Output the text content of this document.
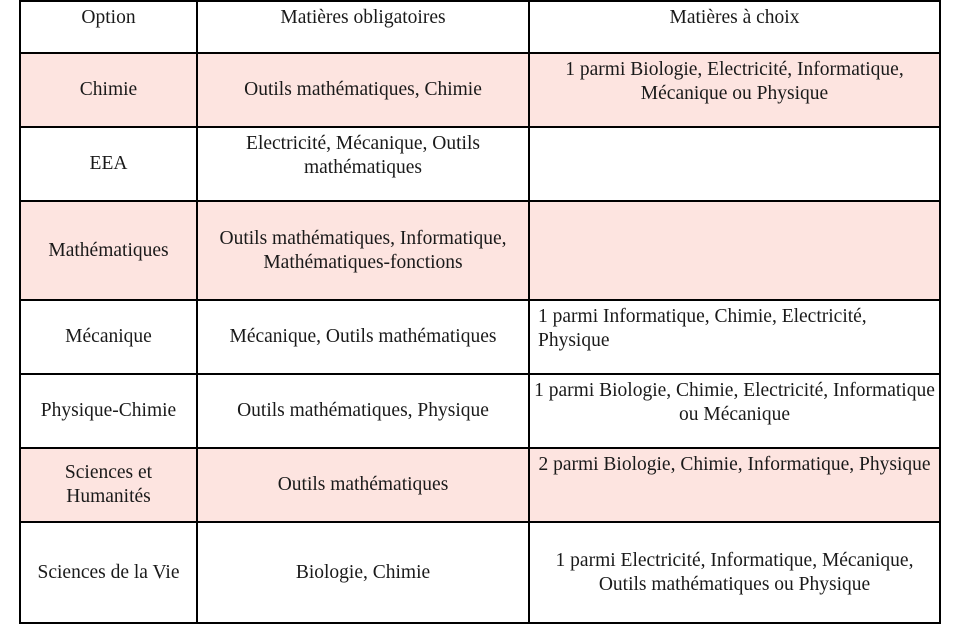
Option	Matières obligatoires	Matières à choix
Chimie	Outils mathématiques, Chimie	1 parmi Biologie, Electricité, Informatique, Mécanique ou Physique
EEA	Electricité, Mécanique, Outils mathématiques	
Mathématiques	Outils mathématiques, Informatique, Mathématiques-fonctions	
Mécanique	Mécanique, Outils mathématiques	1 parmi Informatique, Chimie, Electricité, Physique
Physique-Chimie	Outils mathématiques, Physique	1 parmi Biologie, Chimie, Electricité, Informatique ou Mécanique
Sciences et Humanités	Outils mathématiques	2 parmi Biologie, Chimie, Informatique, Physique
Sciences de la Vie	Biologie, Chimie	1 parmi Electricité, Informatique, Mécanique, Outils mathématiques ou Physique
